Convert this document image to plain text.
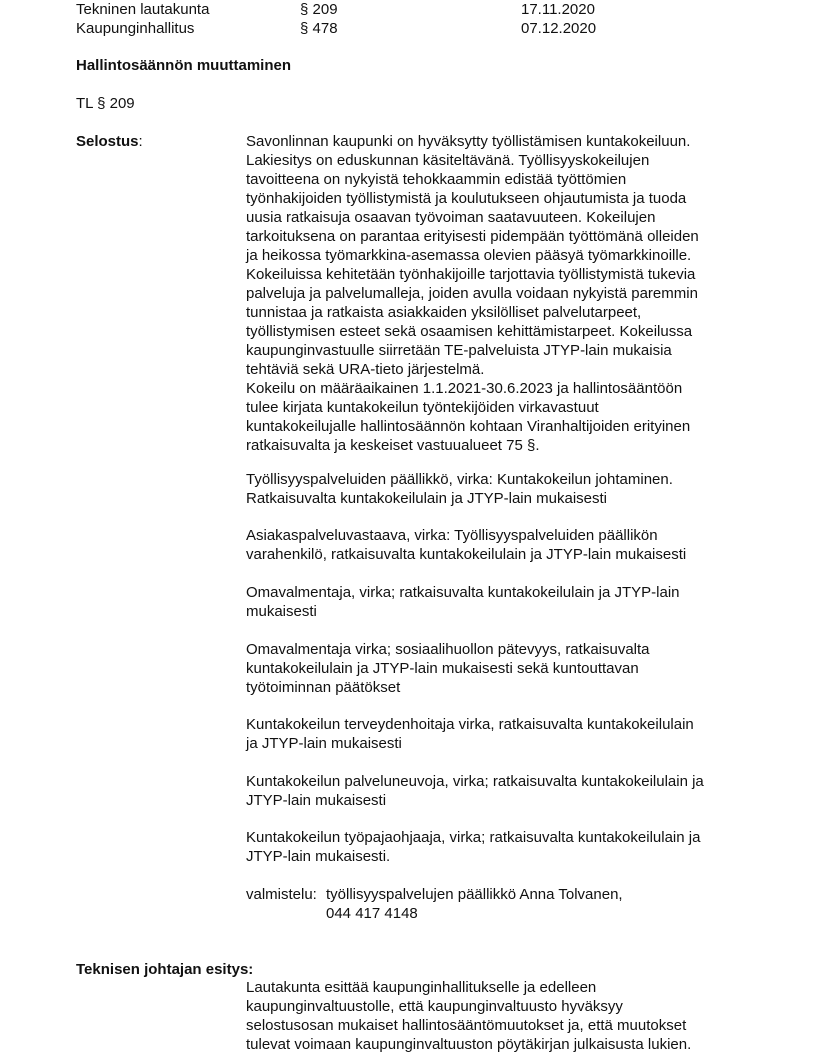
Tekninen lautakunta	§ 209	17.11.2020
Kaupunginhallitus	§ 478	07.12.2020
Hallintosäännön muuttaminen
TL § 209
Selostus:	Savonlinnan kaupunki on hyväksytty työllistämisen kuntakokeiluun.
Lakiesitys on eduskunnan käsiteltävänä. Työllisyyskokeilujen
tavoitteena on nykyistä tehokkaammin edistää työttömien
työnhakijoiden työllistymistä ja koulutukseen ohjautumista ja tuoda
uusia ratkaisuja osaavan työvoiman saatavuuteen. Kokeilujen
tarkoituksena on parantaa erityisesti pidempään työttömänä olleiden
ja heikossa työmarkkina-asemassa olevien pääsyä työmarkkinoille.
Kokeiluissa kehitetään työnhakijoille tarjottavia työllistymistä tukevia
palveluja ja palvelumalleja, joiden avulla voidaan nykyistä paremmin
tunnistaa ja ratkaista asiakkaiden yksilölliset palvelutarpeet,
työllistymisen esteet sekä osaamisen kehittämistarpeet. Kokeilussa
kaupunginvastuulle siirretään TE-palveluista JTYP-lain mukaisia
tehtäviä sekä URA-tieto järjestelmä.
Kokeilu on määräaikainen 1.1.2021-30.6.2023 ja hallintosääntöön
tulee kirjata kuntakokeilun työntekijöiden virkavastuut
kuntakokeilujalle hallintosäännön kohtaan Viranhaltijoiden erityinen
ratkaisuvalta ja keskeiset vastuualueet 75 §.
Työllisyyspalveluiden päällikkö, virka: Kuntakokeilun johtaminen.
Ratkaisuvalta kuntakokeilulain ja JTYP-lain mukaisesti
Asiakaspalveluvastaava, virka: Työllisyyspalveluiden päällikön
varahenkilö, ratkaisuvalta kuntakokeilulain ja JTYP-lain mukaisesti
Omavalmentaja, virka; ratkaisuvalta kuntakokeilulain ja JTYP-lain
mukaisesti
Omavalmentaja virka; sosiaalihuollon pätevyys, ratkaisuvalta
kuntakokeilulain ja JTYP-lain mukaisesti sekä kuntouttavan
työtoiminnan päätökset
Kuntakokeilun terveydenhoitaja virka, ratkaisuvalta kuntakokeilulain
ja JTYP-lain mukaisesti
Kuntakokeilun palveluneuvoja, virka; ratkaisuvalta kuntakokeilulain ja
JTYP-lain mukaisesti
Kuntakokeilun työpajaohjaaja, virka; ratkaisuvalta kuntakokeilulain ja
JTYP-lain mukaisesti.
valmistelu: työllisyyspalvelujen päällikkö Anna Tolvanen,
044 417 4148
Teknisen johtajan esitys:
Lautakunta esittää kaupunginhallitukselle ja edelleen
kaupunginvaltuustolle, että kaupunginvaltuusto hyväksyy
selostusosan mukaiset hallintosääntömuutokset ja, että muutokset
tulevat voimaan kaupunginvaltuuston pöytäkirjan julkaisusta lukien.
